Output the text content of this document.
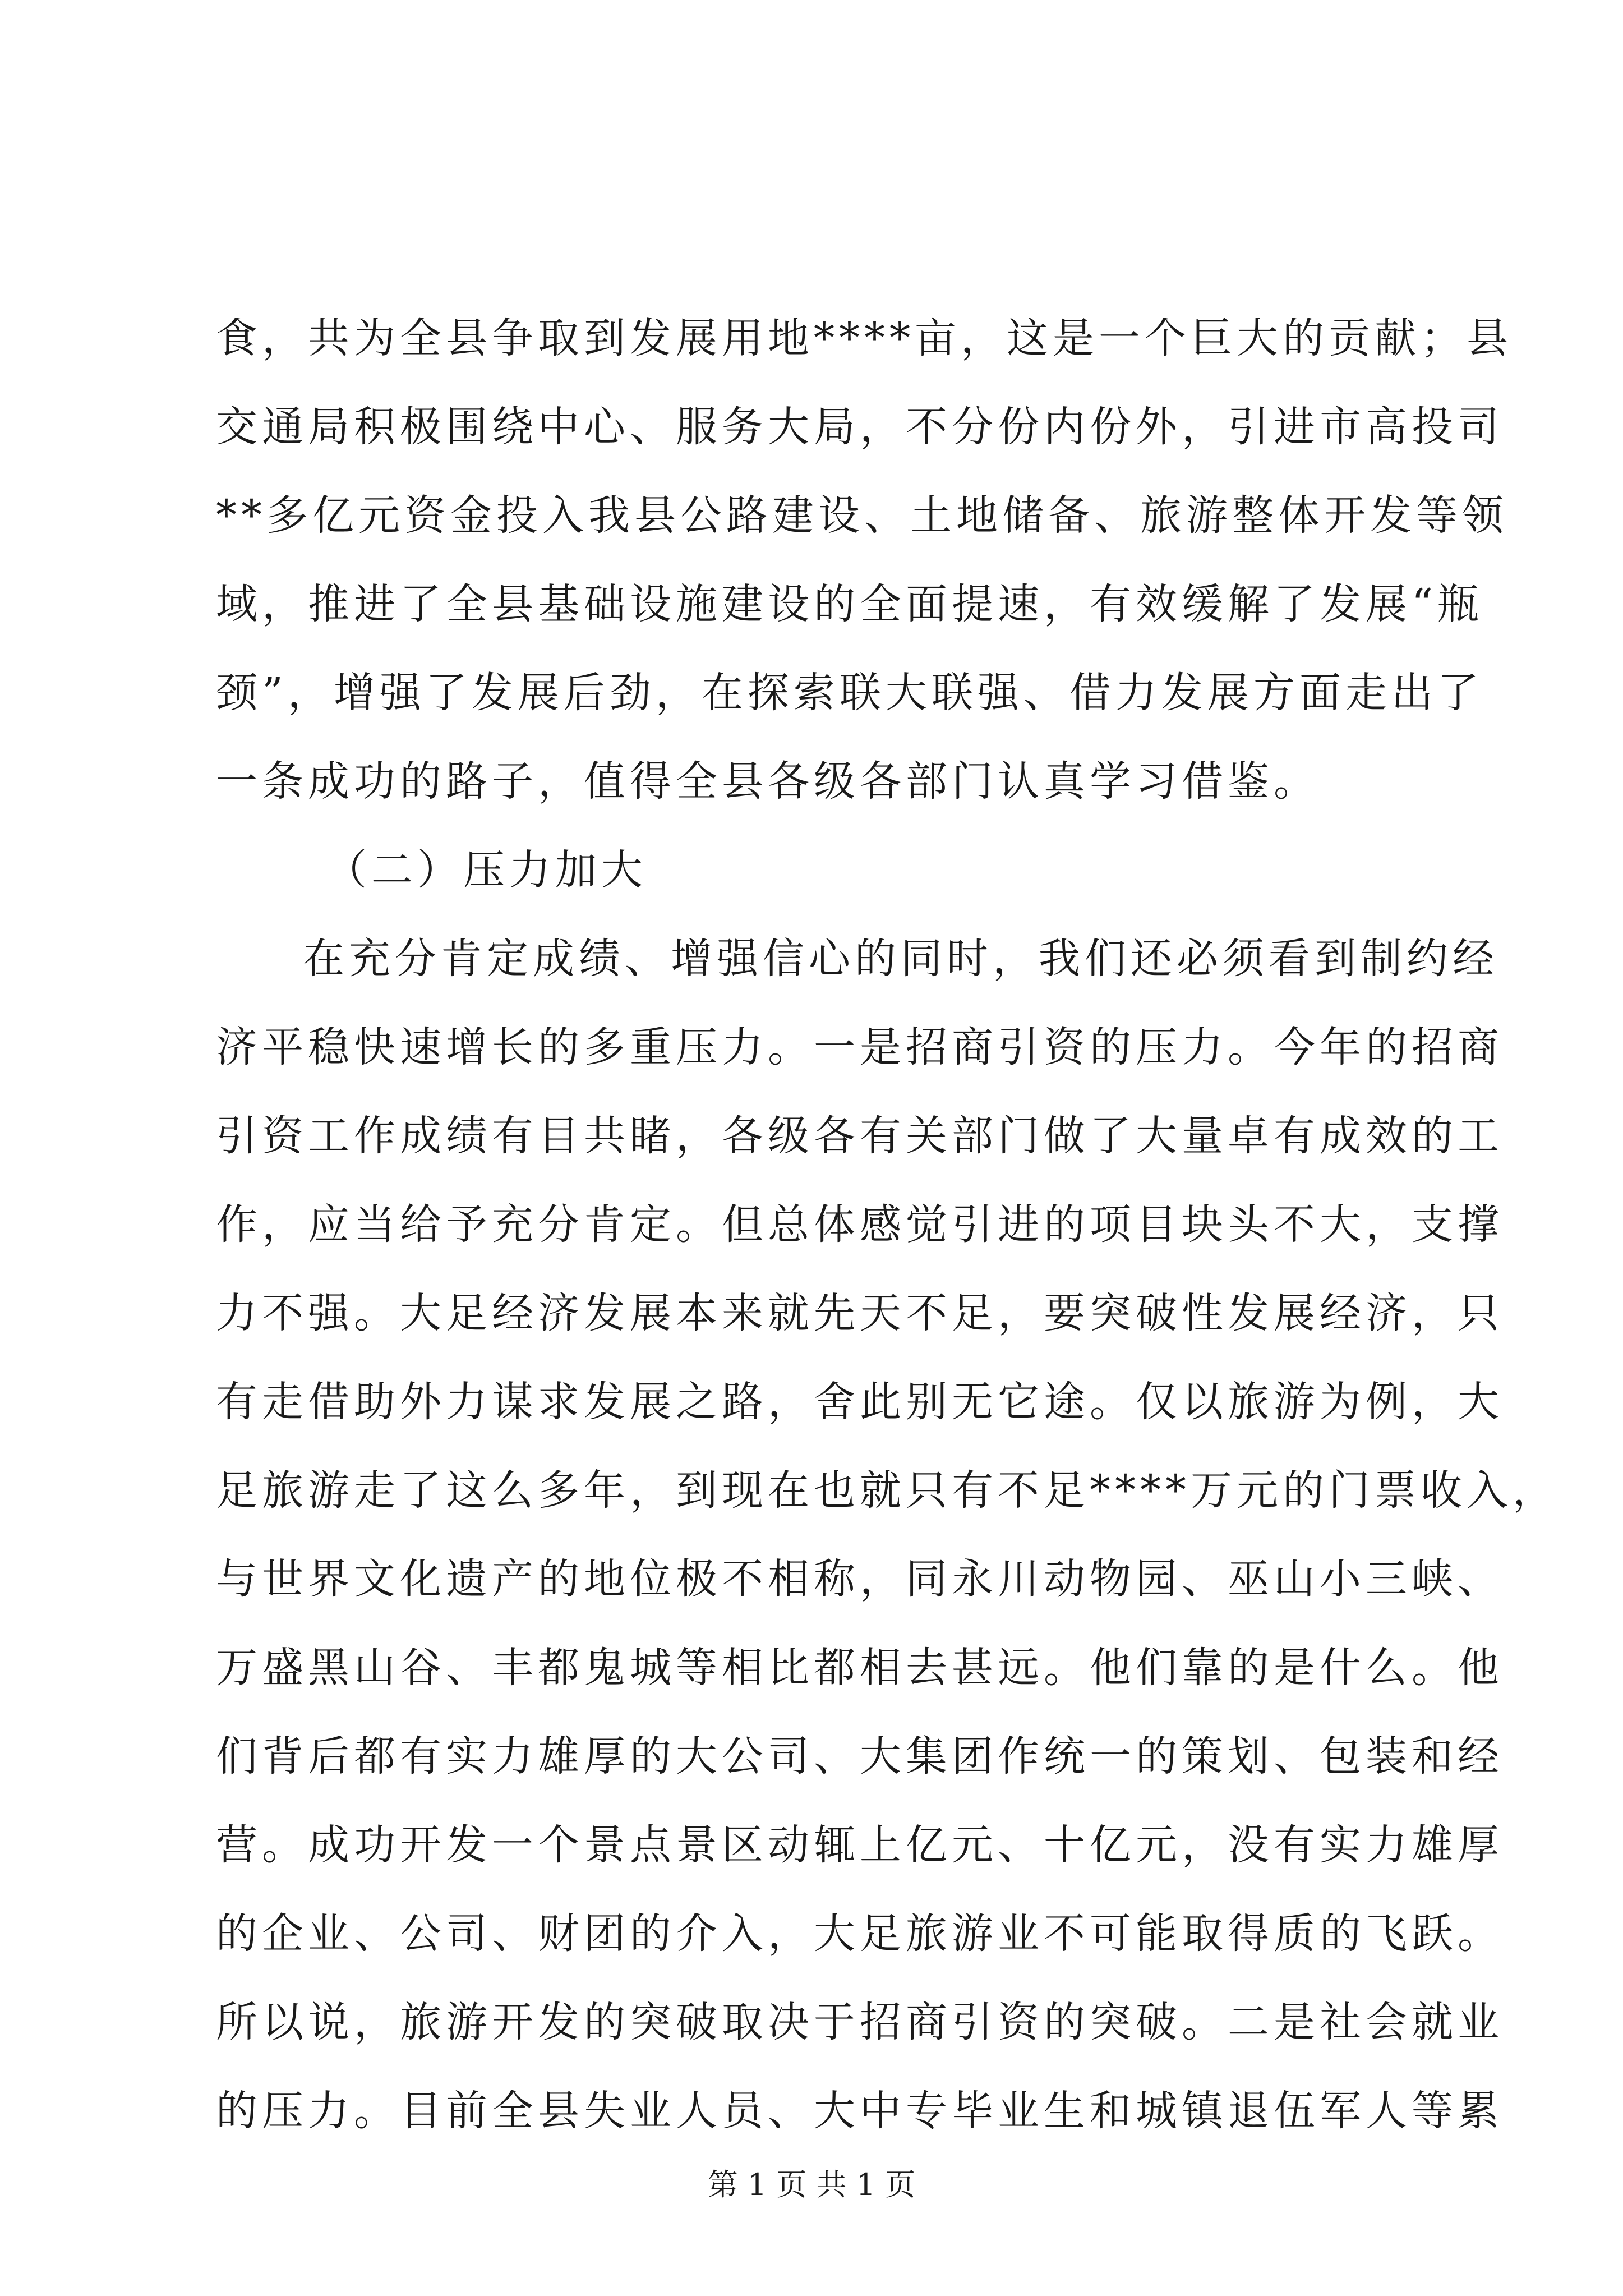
食，共为全县争取到发展用地****亩，这是一个巨大的贡献；县
交通局积极围绕中心、服务大局，不分份内份外，引进市高投司
**多亿元资金投入我县公路建设、土地储备、旅游整体开发等领
域，推进了全县基础设施建设的全面提速，有效缓解了发展“瓶
颈”，增强了发展后劲，在探索联大联强、借力发展方面走出了
一条成功的路子，值得全县各级各部门认真学习借鉴。
（二）压力加大
在充分肯定成绩、增强信心的同时，我们还必须看到制约经
济平稳快速增长的多重压力。一是招商引资的压力。今年的招商
引资工作成绩有目共睹，各级各有关部门做了大量卓有成效的工
作，应当给予充分肯定。但总体感觉引进的项目块头不大，支撑
力不强。大足经济发展本来就先天不足，要突破性发展经济，只
有走借助外力谋求发展之路，舍此别无它途。仅以旅游为例，大
足旅游走了这么多年，到现在也就只有不足****万元的门票收入，
与世界文化遗产的地位极不相称，同永川动物园、巫山小三峡、
万盛黑山谷、丰都鬼城等相比都相去甚远。他们靠的是什么。他
们背后都有实力雄厚的大公司、大集团作统一的策划、包装和经
营。成功开发一个景点景区动辄上亿元、十亿元，没有实力雄厚
的企业、公司、财团的介入，大足旅游业不可能取得质的飞跃。
所以说，旅游开发的突破取决于招商引资的突破。二是社会就业
的压力。目前全县失业人员、大中专毕业生和城镇退伍军人等累
第 1 页 共 1 页
